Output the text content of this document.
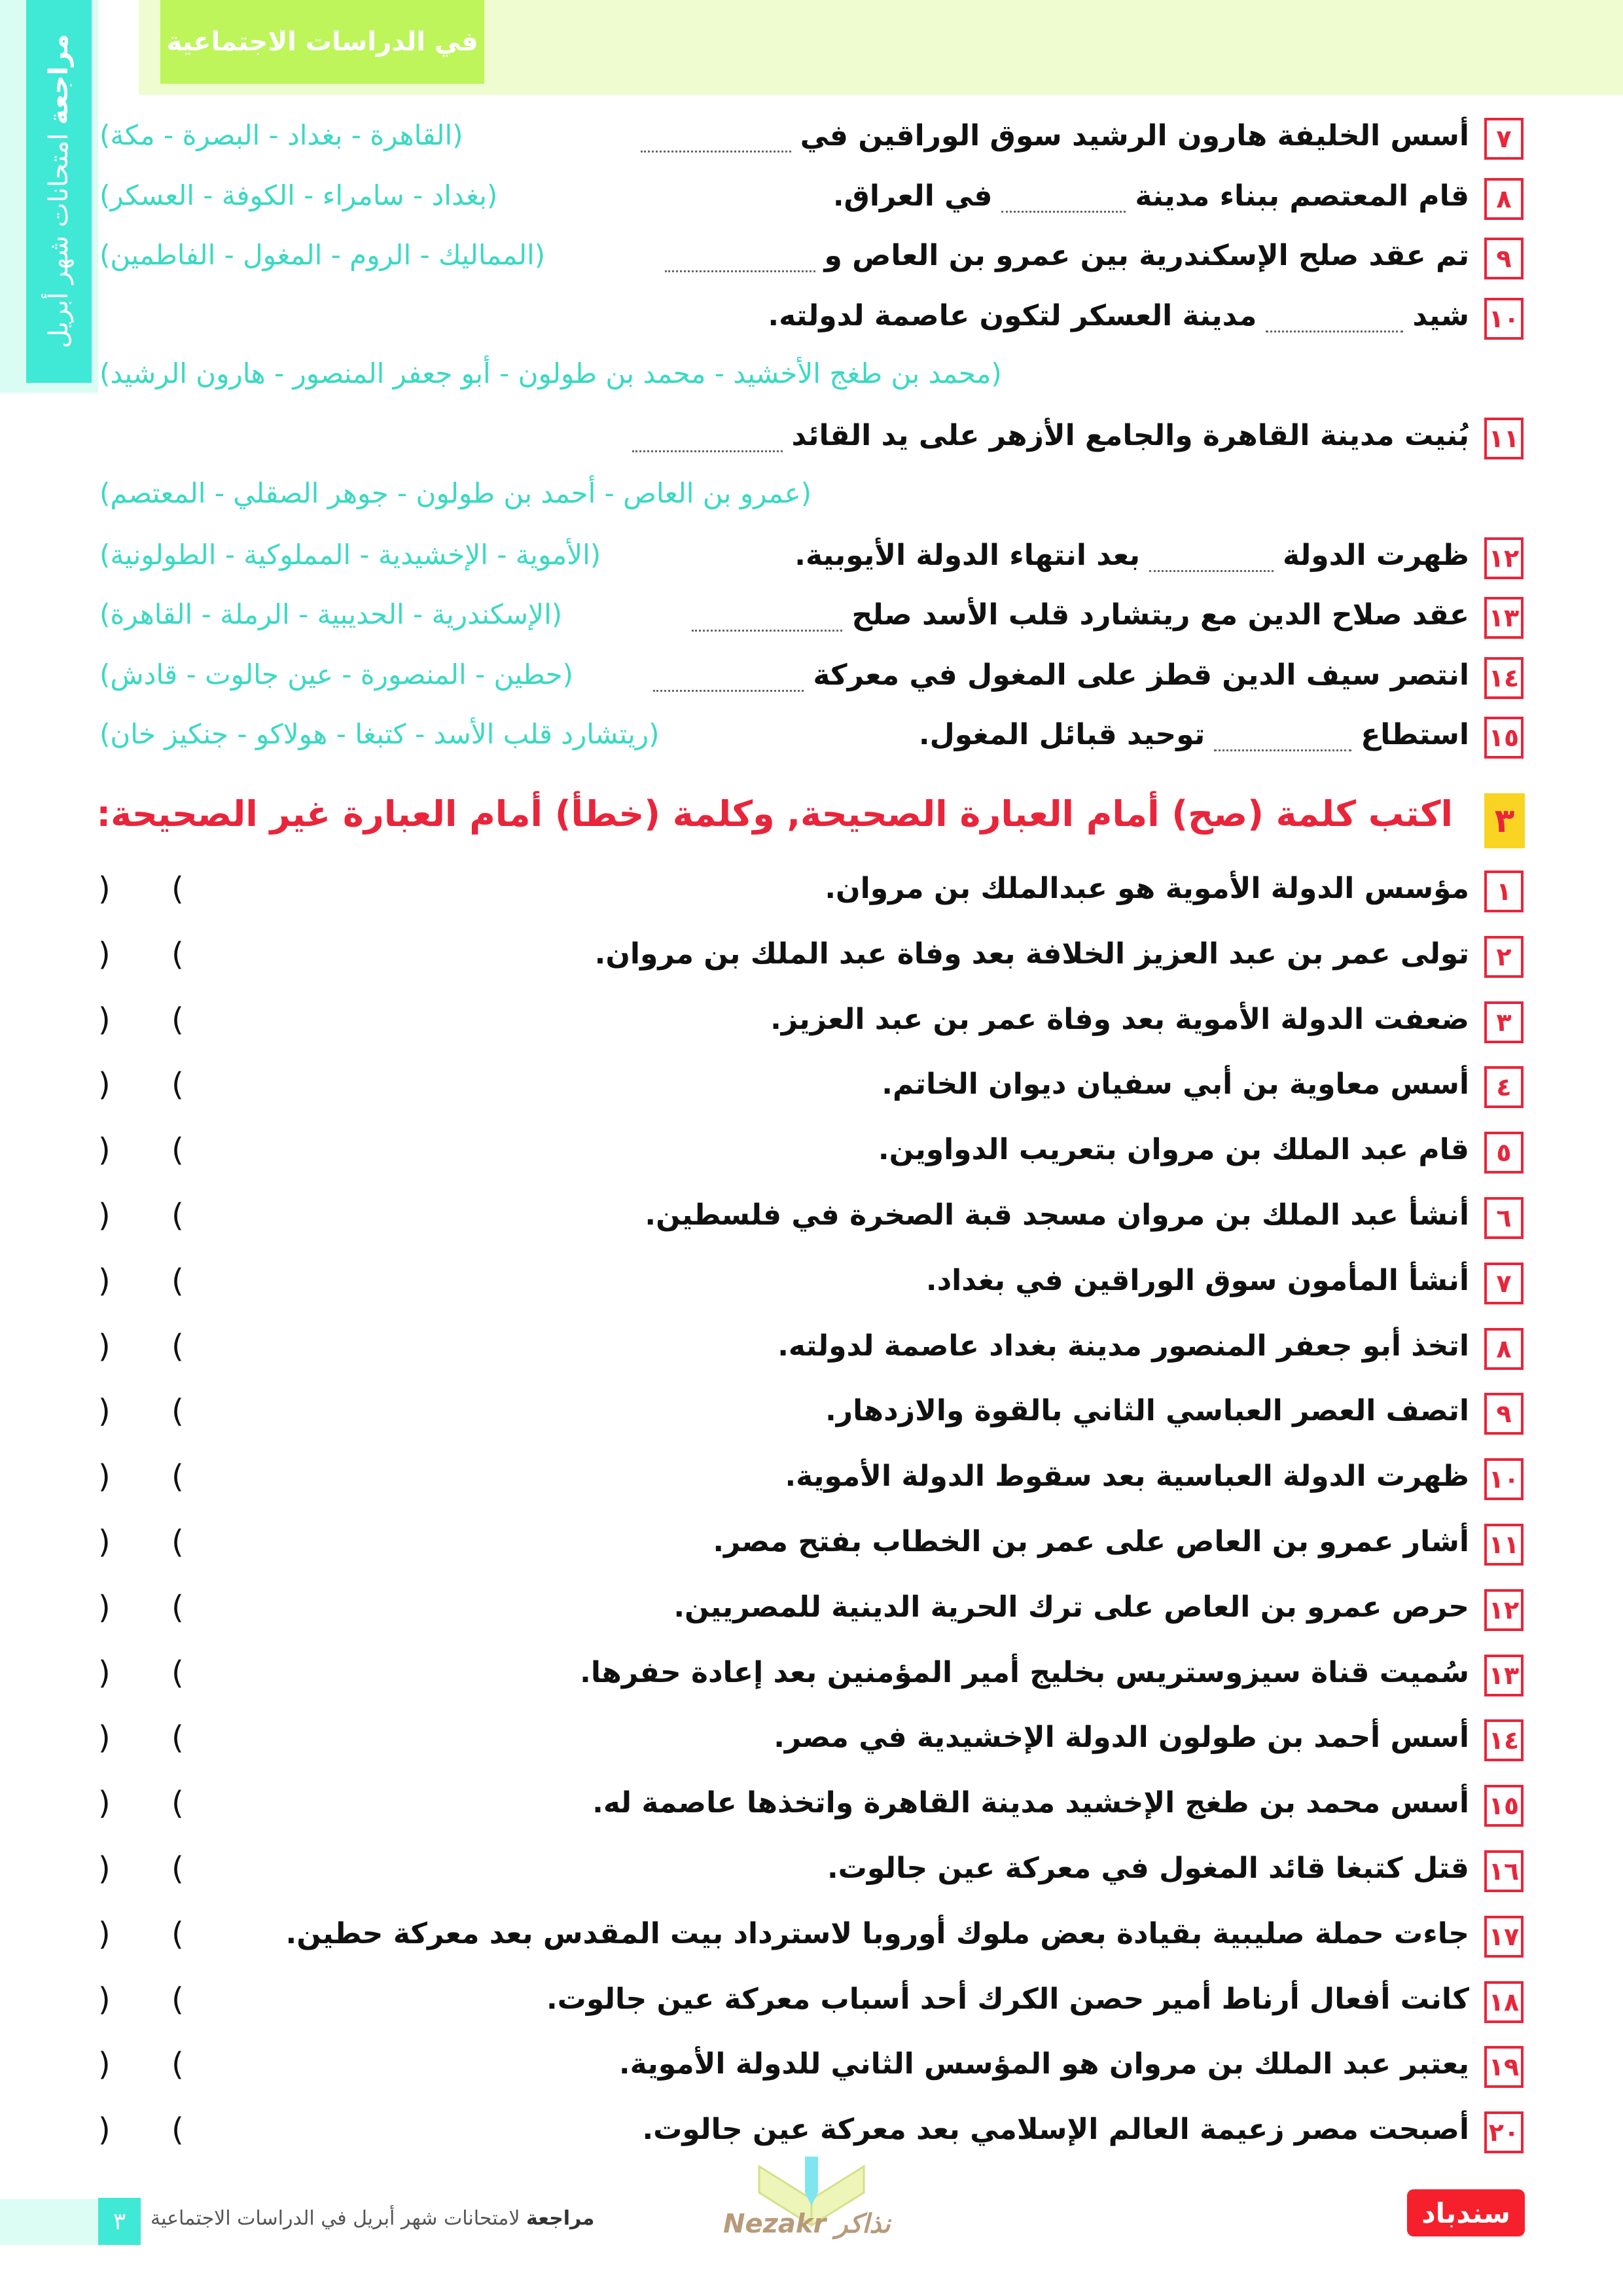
مراجعة امتحانات شهر أبريل
في الدراسات الاجتماعية
٧
أسس الخليفة هارون الرشيد سوق الوراقين في
(القاهرة - بغداد - البصرة - مكة)
٨
قام المعتصم ببناء مدينةفي العراق.
(بغداد - سامراء - الكوفة - العسكر)
٩
تم عقد صلح الإسكندرية بين عمرو بن العاص و
(المماليك - الروم - المغول - الفاطمين)
١٠
شيدمدينة العسكر لتكون عاصمة لدولته.
(محمد بن طغج الأخشيد - محمد بن طولون - أبو جعفر المنصور - هارون الرشيد)
١١
بُنيت مدينة القاهرة والجامع الأزهر على يد القائد
(عمرو بن العاص - أحمد بن طولون - جوهر الصقلي - المعتصم)
١٢
ظهرت الدولةبعد انتهاء الدولة الأيوبية.
(الأموية - الإخشيدية - المملوكية - الطولونية)
١٣
عقد صلاح الدين مع ريتشارد قلب الأسد صلح
(الإسكندرية - الحديبية - الرملة - القاهرة)
١٤
انتصر سيف الدين قطز على المغول في معركة
(حطين - المنصورة - عين جالوت - قادش)
١٥
استطاعتوحيد قبائل المغول.
(ريتشارد قلب الأسد - كتبغا - هولاكو - جنكيز خان)
٣
اكتب كلمة (صح) أمام العبارة الصحيحة, وكلمة (خطأ) أمام العبارة غير الصحيحة:
١
مؤسس الدولة الأموية هو عبدالملك بن مروان.
(
)
٢
تولى عمر بن عبد العزيز الخلافة بعد وفاة عبد الملك بن مروان.
(
)
٣
ضعفت الدولة الأموية بعد وفاة عمر بن عبد العزيز.
(
)
٤
أسس معاوية بن أبي سفيان ديوان الخاتم.
(
)
٥
قام عبد الملك بن مروان بتعريب الدواوين.
(
)
٦
أنشأ عبد الملك بن مروان مسجد قبة الصخرة في فلسطين.
(
)
٧
أنشأ المأمون سوق الوراقين في بغداد.
(
)
٨
اتخذ أبو جعفر المنصور مدينة بغداد عاصمة لدولته.
(
)
٩
اتصف العصر العباسي الثاني بالقوة والازدهار.
(
)
١٠
ظهرت الدولة العباسية بعد سقوط الدولة الأموية.
(
)
١١
أشار عمرو بن العاص على عمر بن الخطاب بفتح مصر.
(
)
١٢
حرص عمرو بن العاص على ترك الحرية الدينية للمصريين.
(
)
١٣
سُميت قناة سيزوستريس بخليج أمير المؤمنين بعد إعادة حفرها.
(
)
١٤
أسس أحمد بن طولون الدولة الإخشيدية في مصر.
(
)
١٥
أسس محمد بن طغج الإخشيد مدينة القاهرة واتخذها عاصمة له.
(
)
١٦
قتل كتبغا قائد المغول في معركة عين جالوت.
(
)
١٧
جاءت حملة صليبية بقيادة بعض ملوك أوروبا لاسترداد بيت المقدس بعد معركة حطين.
(
)
١٨
كانت أفعال أرناط أمير حصن الكرك أحد أسباب معركة عين جالوت.
(
)
١٩
يعتبر عبد الملك بن مروان هو المؤسس الثاني للدولة الأموية.
(
)
٢٠
أصبحت مصر زعيمة العالم الإسلامي بعد معركة عين جالوت.
(
)
٣	مراجعة لامتحانات شهر أبريل في الدراسات الاجتماعية	Nezakr نذاكر	سندباد
